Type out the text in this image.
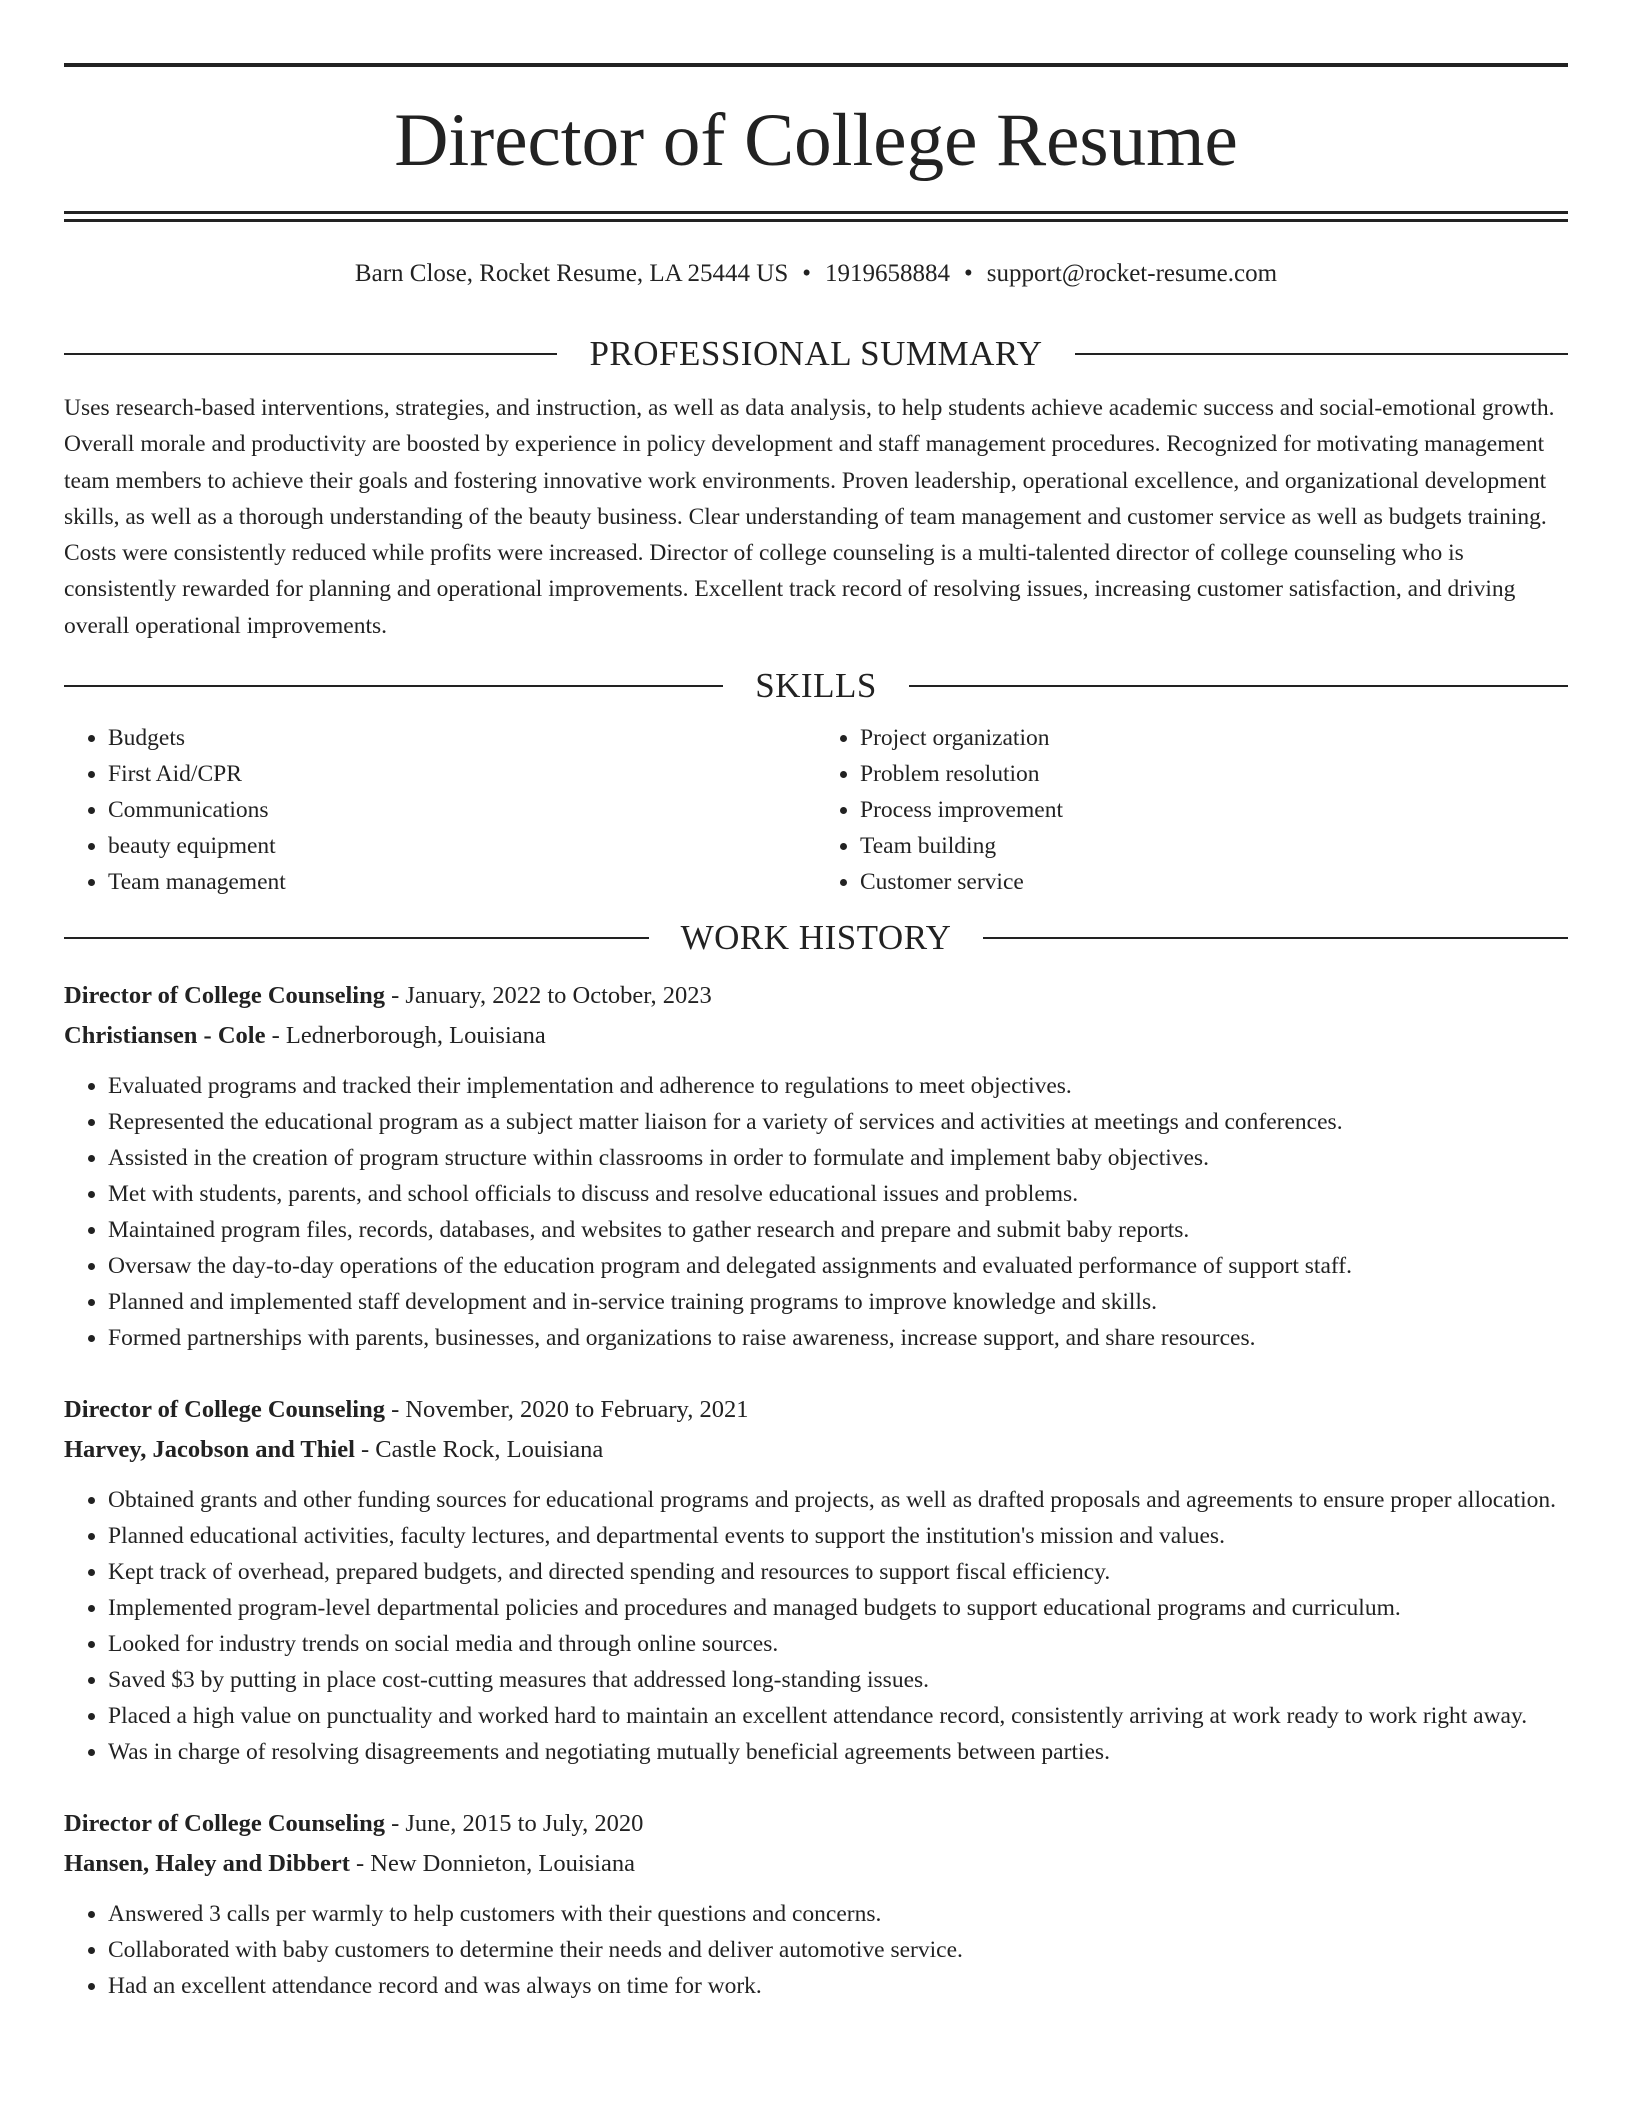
Director of College Resume
Barn Close, Rocket Resume, LA 25444 US • 1919658884 • support@rocket-resume.com
PROFESSIONAL SUMMARY

Uses research-based interventions, strategies, and instruction, as well as data analysis, to help students achieve academic success and social-emotional growth. Overall morale and productivity are boosted by experience in policy development and staff management procedures. Recognized for motivating management team members to achieve their goals and fostering innovative work environments. Proven leadership, operational excellence, and organizational development skills, as well as a thorough understanding of the beauty business. Clear understanding of team management and customer service as well as budgets training. Costs were consistently reduced while profits were increased. Director of college counseling is a multi-talented director of college counseling who is consistently rewarded for planning and operational improvements. Excellent track record of resolving issues, increasing customer satisfaction, and driving overall operational improvements.

SKILLS
• Budgets
• First Aid/CPR
• Communications
• beauty equipment
• Team management
• Project organization
• Problem resolution
• Process improvement
• Team building
• Customer service
WORK HISTORY
Director of College Counseling - January, 2022 to October, 2023
Christiansen - Cole - Lednerborough, Louisiana
• Evaluated programs and tracked their implementation and adherence to regulations to meet objectives.
• Represented the educational program as a subject matter liaison for a variety of services and activities at meetings and conferences.
• Assisted in the creation of program structure within classrooms in order to formulate and implement baby objectives.
• Met with students, parents, and school officials to discuss and resolve educational issues and problems.
• Maintained program files, records, databases, and websites to gather research and prepare and submit baby reports.
• Oversaw the day-to-day operations of the education program and delegated assignments and evaluated performance of support staff.
• Planned and implemented staff development and in-service training programs to improve knowledge and skills.
• Formed partnerships with parents, businesses, and organizations to raise awareness, increase support, and share resources.
Director of College Counseling - November, 2020 to February, 2021
Harvey, Jacobson and Thiel - Castle Rock, Louisiana
• Obtained grants and other funding sources for educational programs and projects, as well as drafted proposals and agreements to ensure proper allocation.
• Planned educational activities, faculty lectures, and departmental events to support the institution's mission and values.
• Kept track of overhead, prepared budgets, and directed spending and resources to support fiscal efficiency.
• Implemented program-level departmental policies and procedures and managed budgets to support educational programs and curriculum.
• Looked for industry trends on social media and through online sources.
• Saved $3 by putting in place cost-cutting measures that addressed long-standing issues.
• Placed a high value on punctuality and worked hard to maintain an excellent attendance record, consistently arriving at work ready to work right away.
• Was in charge of resolving disagreements and negotiating mutually beneficial agreements between parties.
Director of College Counseling - June, 2015 to July, 2020
Hansen, Haley and Dibbert - New Donnieton, Louisiana
• Answered 3 calls per warmly to help customers with their questions and concerns.
• Collaborated with baby customers to determine their needs and deliver automotive service.
• Had an excellent attendance record and was always on time for work.
